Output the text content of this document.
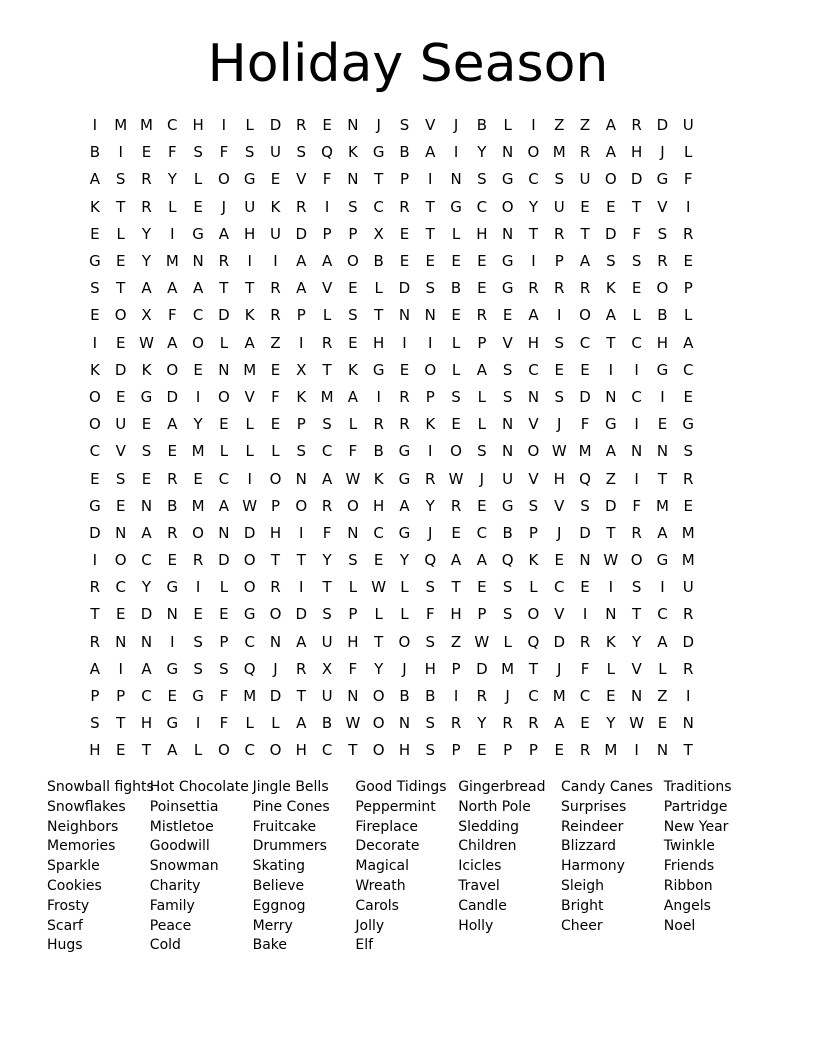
Holiday Season
I	M M C H	I	L	D R	E	N	J	S	V	J	B	L	I	Z	Z	A	R D U
B	I	E	F	S	F	S	U	S	Q K	G B	A	I	Y	N O M R	A	H	J	L
A	S	R	Y	L	O G	E	V	F	N	T	P	I	N	S	G C	S	U O D G	F
K	T	R	L	E	J	U	K	R	I	S	C	R	T	G C O	Y	U	E	E	T	V	I
E	L	Y	I	G A	H U D	P	P	X	E	T	L	H N	T	R	T	D	F	S	R
G	E	Y M N R	I	I	A	A O B	E	E	E	E	G	I	P	A	S	S	R	E
S	T	A	A	A	T	T	R	A	V	E	L	D	S	B	E	G R	R	R	K	E	O	P
E	O X	F	C D	K	R	P	L	S	T	N N	E	R	E	A	I	O A	L	B	L
I	E W A O	L	A	Z	I	R	E	H	I	I	L	P	V	H	S	C	T	C H	A
K	D	K O	E	N M E	X	T	K	G	E	O	L	A	S	C	E	E	I	I	G C
O	E	G D	I	O V	F	K M A	I	R	P	S	L	S	N	S	D N C	I	E
O U	E	A	Y	E	L	E	P	S	L	R	R	K	E	L	N	V	J	F	G	I	E	G
C	V	S	E M	L	L	L	S	C	F	B G	I	O	S	N O W M A	N N	S
E	S	E	R	E	C	I	O N	A W K	G R W	J	U	V	H Q Z	I	T	R
G	E	N	B M A W P	O R O H	A	Y	R	E	G	S	V	S	D	F	M E
D N	A	R O N D H	I	F	N C G	J	E	C	B	P	J	D	T	R	A M
I	O C	E	R D O	T	T	Y	S	E	Y	Q A	A Q K	E	N W O G M
R	C	Y	G	I	L	O R	I	T	L W L	S	T	E	S	L	C	E	I	S	I	U
T	E	D N	E	E	G O D	S	P	L	L	F	H	P	S	O V	I	N	T	C	R
R N N	I	S	P	C N	A	U H	T	O	S	Z W L	Q D R	K	Y	A D
A	I	A G	S	S	Q	J	R	X	F	Y	J	H	P	D M T	J	F	L	V	L	R
P	P	C	E	G	F	M D	T	U N O B	B	I	R	J	C M C	E	N	Z	I
S	T	H G	I	F	L	L	A	B W O N	S	R	Y	R	R	A	E	Y W E	N
H	E	T	A	L	O C O H C	T	O H	S	P	E	P	P	E	R M	I	N	T
Snowball fights
Snowflakes
Neighbors
Memories
Sparkle
Cookies
Frosty
Scarf
Hugs
Hot Chocolate
Poinsettia
Mistletoe
Goodwill
Snowman
Charity
Family
Peace
Cold
Jingle Bells
Pine Cones
Fruitcake
Drummers
Skating
Believe
Eggnog
Merry
Bake
Good Tidings
Peppermint
Fireplace
Decorate
Magical
Wreath
Carols
Jolly
Elf
Gingerbread
North Pole
Sledding
Children
Icicles
Travel
Candle
Holly
Candy Canes
Surprises
Reindeer
Blizzard
Harmony
Sleigh
Bright
Cheer
Traditions
Partridge
New Year
Twinkle
Friends
Ribbon
Angels
Noel
